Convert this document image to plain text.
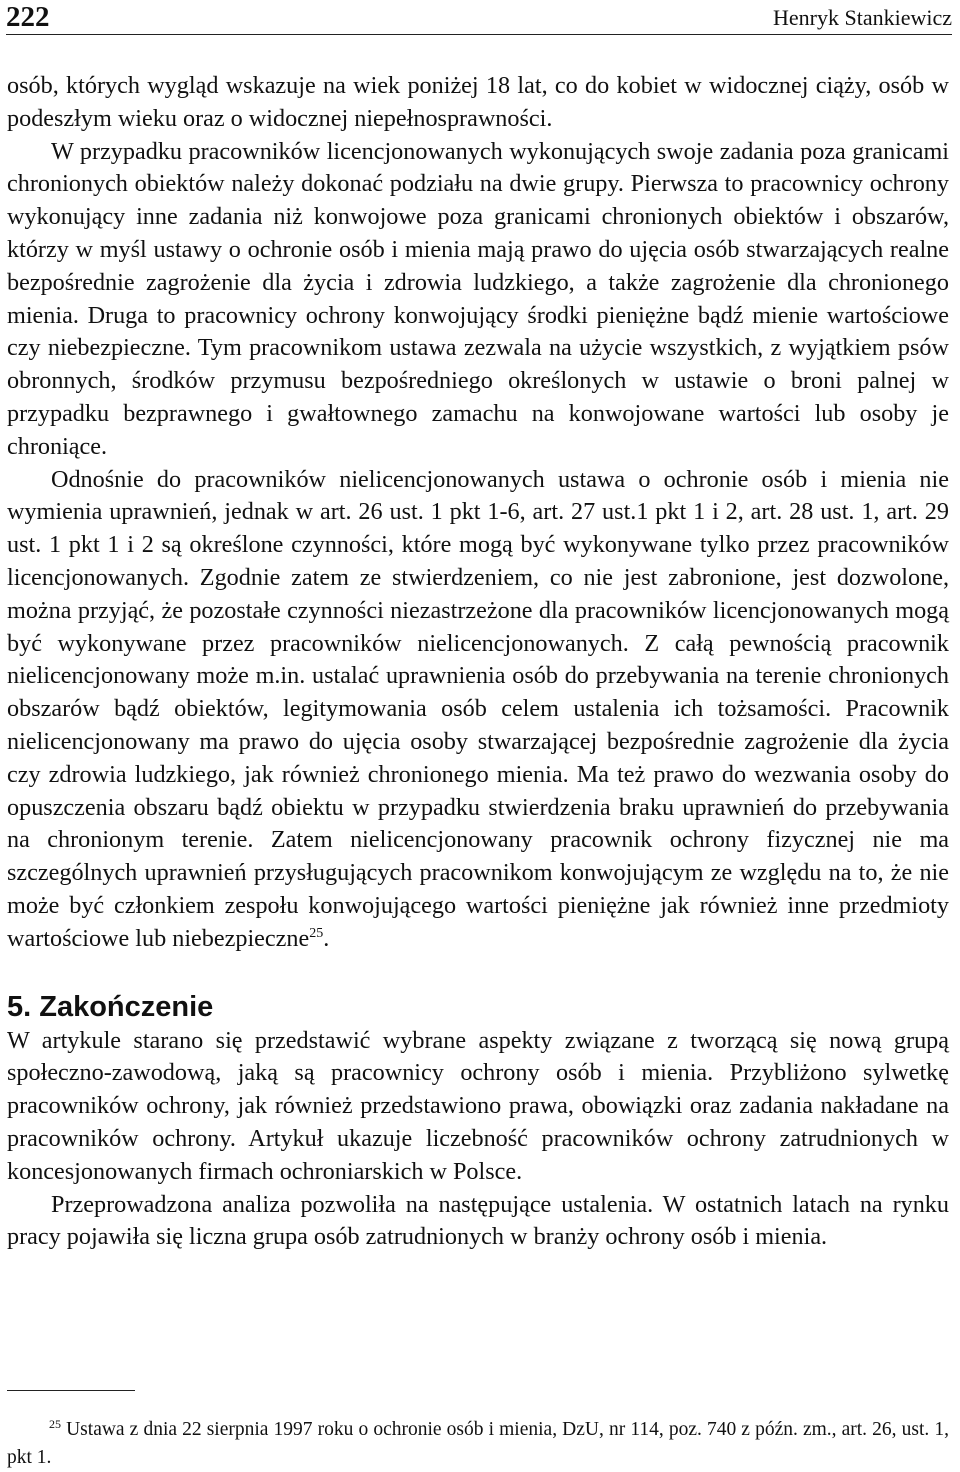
222	Henryk Stankiewicz

osób, których wygląd wskazuje na wiek poniżej 18 lat, co do kobiet w widocznej ciąży, osób w podeszłym wieku oraz o widocznej niepełnosprawności.

W przypadku pracowników licencjonowanych wykonujących swoje zadania poza granicami chronionych obiektów należy dokonać podziału na dwie grupy. Pierwsza to pracownicy ochrony wykonujący inne zadania niż konwojowe poza granicami chronionych obiektów i obszarów, którzy w myśl ustawy o ochronie osób i mienia mają prawo do ujęcia osób stwarzających realne bezpośrednie zagrożenie dla życia i zdrowia ludzkiego, a także zagrożenie dla chronionego mienia. Druga to pracownicy ochrony konwojujący środki pieniężne bądź mienie wartościowe czy niebezpieczne. Tym pracownikom ustawa zezwala na użycie wszystkich, z wyjątkiem psów obronnych, środków przymusu bezpośredniego określonych w ustawie o broni palnej w przypadku bezprawnego i gwałtownego zamachu na konwojowane wartości lub osoby je chroniące.

Odnośnie do pracowników nielicencjonowanych ustawa o ochronie osób i mienia nie wymienia uprawnień, jednak w art. 26 ust. 1 pkt 1-6, art. 27 ust.1 pkt 1 i 2, art. 28 ust. 1, art. 29 ust. 1 pkt 1 i 2 są określone czynności, które mogą być wykonywane tylko przez pracowników licencjonowanych. Zgodnie zatem ze stwierdzeniem, co nie jest zabronione, jest dozwolone, można przyjąć, że pozostałe czynności niezastrzeżone dla pracowników licencjonowanych mogą być wykonywane przez pracowników nielicencjonowanych. Z całą pewnością pracownik nielicencjonowany może m.in. ustalać uprawnienia osób do przebywania na terenie chronionych obszarów bądź obiektów, legitymowania osób celem ustalenia ich tożsamości. Pracownik nielicencjonowany ma prawo do ujęcia osoby stwarzającej bezpośrednie zagrożenie dla życia czy zdrowia ludzkiego, jak również chronionego mienia. Ma też prawo do wezwania osoby do opuszczenia obszaru bądź obiektu w przypadku stwierdzenia braku uprawnień do przebywania na chronionym terenie. Zatem nielicencjonowany pracownik ochrony fizycznej nie ma szczególnych uprawnień przysługujących pracownikom konwojującym ze względu na to, że nie może być członkiem zespołu konwojującego wartości pieniężne jak również inne przedmioty wartościowe lub niebezpieczne$^{25}$.

5. Zakończenie

W artykule starano się przedstawić wybrane aspekty związane z tworzącą się nową grupą społeczno-zawodową, jaką są pracownicy ochrony osób i mienia. Przybliżono sylwetkę pracowników ochrony, jak również przedstawiono prawa, obowiązki oraz zadania nakładane na pracowników ochrony. Artykuł ukazuje liczebność pracowników ochrony zatrudnionych w koncesjonowanych firmach ochroniarskich w Polsce.

Przeprowadzona analiza pozwoliła na następujące ustalenia. W ostatnich latach na rynku pracy pojawiła się liczna grupa osób zatrudnionych w branży ochrony osób i mienia.

$^{25}$ Ustawa z dnia 22 sierpnia 1997 roku o ochronie osób i mienia, DzU, nr 114, poz. 740 z późn. zm., art. 26, ust. 1, pkt 1.
